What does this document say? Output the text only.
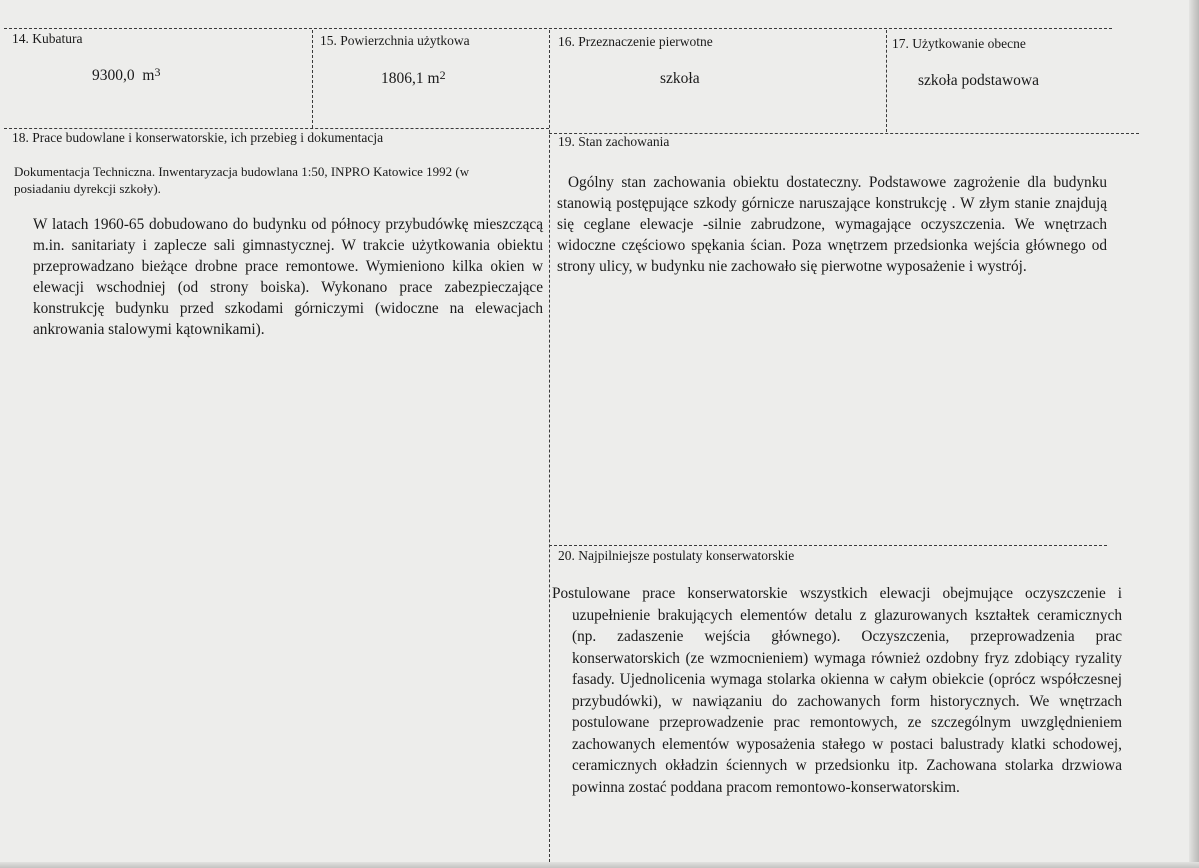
14. Kubatura
9300,0 $m^3$
15. Powierzchnia użytkowa
1806,1 $m^2$
16. Przeznaczenie pierwotne
szkoła
17. Użytkowanie obecne
szkoła podstawowa
18. Prace budowlane i konserwatorskie, ich przebieg i dokumentacja
Dokumentacja Techniczna. Inwentaryzacja budowlana 1:50, INPRO Katowice 1992 (w
posiadaniu dyrekcji szkoły).
W latach 1960-65 dobudowano do budynku od północy przybudówkę mieszczącą m.in. sanitariaty i zaplecze sali gimnastycznej. W trakcie użytkowania obiektu przeprowadzano bieżące drobne prace remontowe. Wymieniono kilka okien w elewacji wschodniej (od strony boiska). Wykonano prace zabezpieczające konstrukcję budynku przed szkodami górniczymi (widoczne na elewacjach ankrowania stalowymi kątownikami).
19. Stan zachowania
Ogólny stan zachowania obiektu dostateczny. Podstawowe zagrożenie dla budynku stanowią postępujące szkody górnicze naruszające konstrukcję . W złym stanie znajdują się ceglane elewacje -silnie zabrudzone, wymagające oczyszczenia. We wnętrzach widoczne częściowo spękania ścian. Poza wnętrzem przedsionka wejścia głównego od strony ulicy, w budynku nie zachowało się pierwotne wyposażenie i wystrój.
20. Najpilniejsze postulaty konserwatorskie
Postulowane prace konserwatorskie wszystkich elewacji obejmujące oczyszczenie i uzupełnienie brakujących elementów detalu z glazurowanych kształtek ceramicznych (np. zadaszenie wejścia głównego). Oczyszczenia, przeprowadzenia prac konserwatorskich (ze wzmocnieniem) wymaga również ozdobny fryz zdobiący ryzality fasady. Ujednolicenia wymaga stolarka okienna w całym obiekcie (oprócz współczesnej przybudówki), w nawiązaniu do zachowanych form historycznych. We wnętrzach postulowane przeprowadzenie prac remontowych, ze szczególnym uwzględnieniem zachowanych elementów wyposażenia stałego w postaci balustrady klatki schodowej, ceramicznych okładzin ściennych w przedsionku itp. Zachowana stolarka drzwiowa powinna zostać poddana pracom remontowo-konserwatorskim.
